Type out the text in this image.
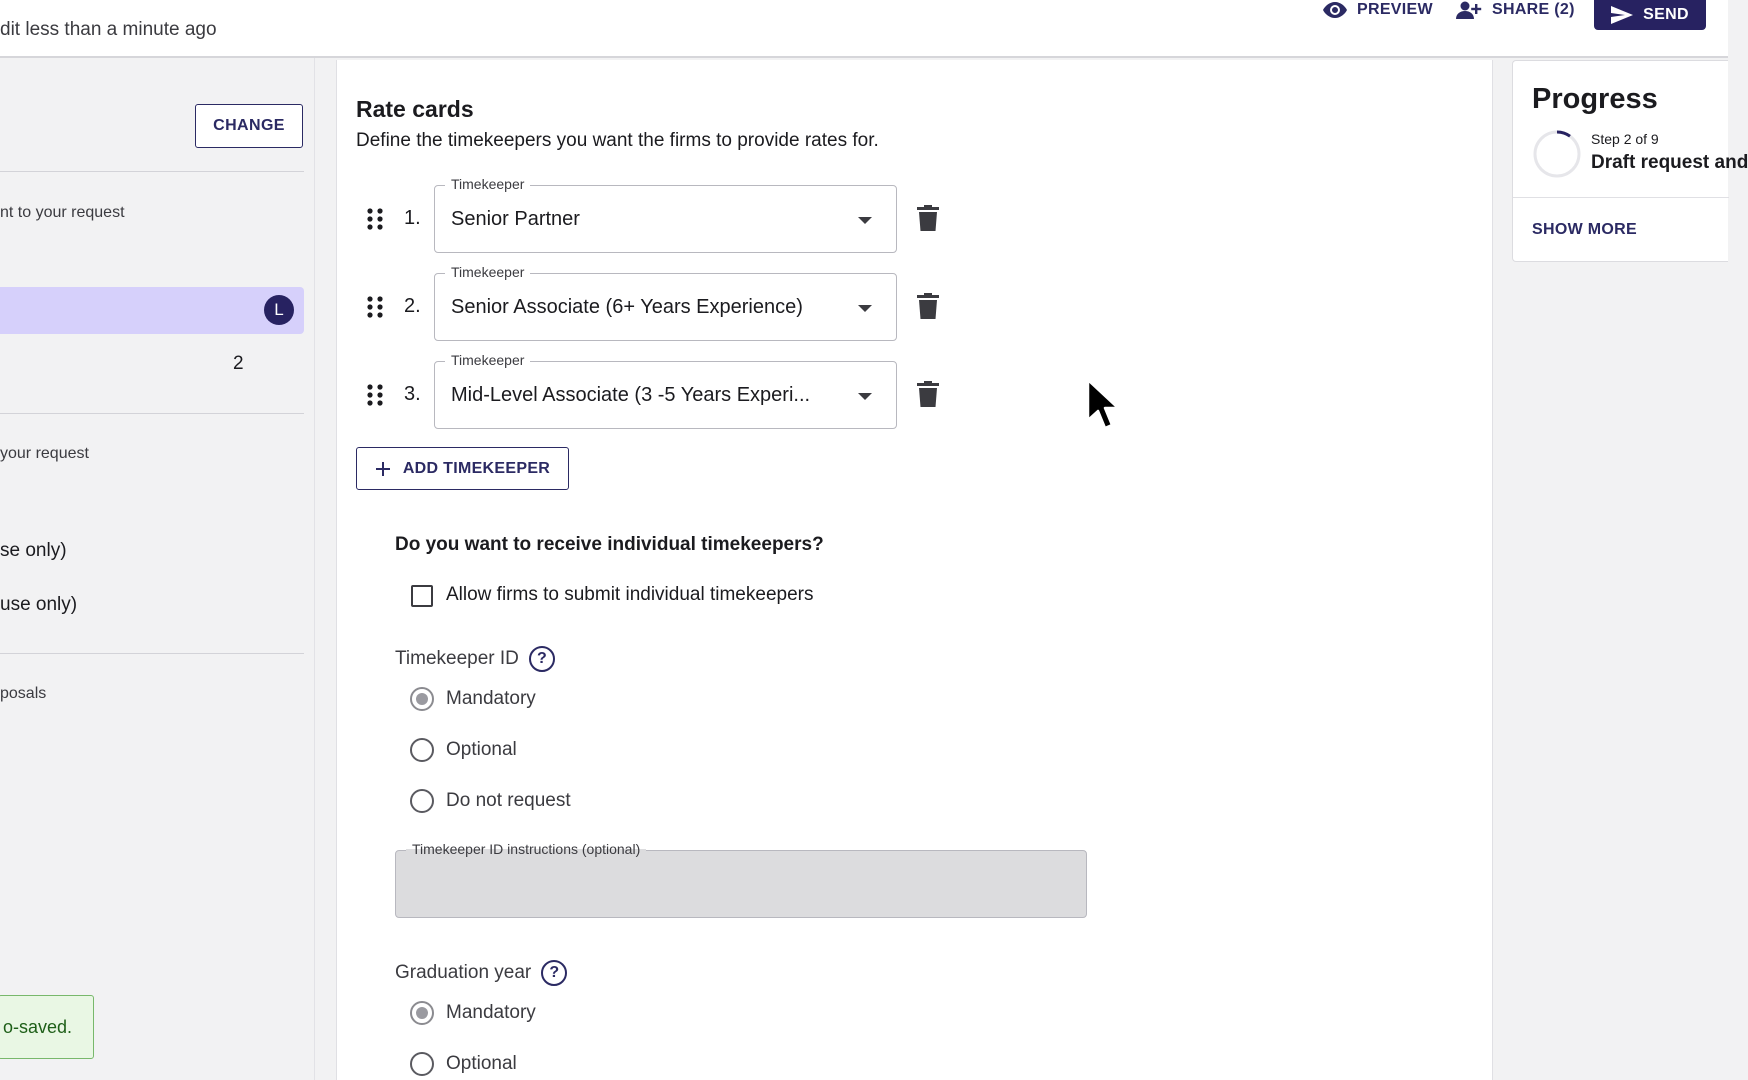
dit less than a minute ago
PREVIEW	SHARE (2)	SEND
CHANGE
nt to your request
L
2
your request
se only)
use only)
posals
o-saved.
Rate cards
Define the timekeepers you want the firms to provide rates for.
1.
Timekeeper
Senior Partner
2.
Timekeeper
Senior Associate (6+ Years Experience)
3.
Timekeeper
Mid-Level Associate (3 -5 Years Experi...
ADD TIMEKEEPER
Do you want to receive individual timekeepers?
Allow firms to submit individual timekeepers
Timekeeper ID	?
Mandatory
Optional
Do not request
Timekeeper ID instructions (optional)
Graduation year	?
Mandatory
Optional
Progress
Step 2 of 9
Draft request and
SHOW MORE
